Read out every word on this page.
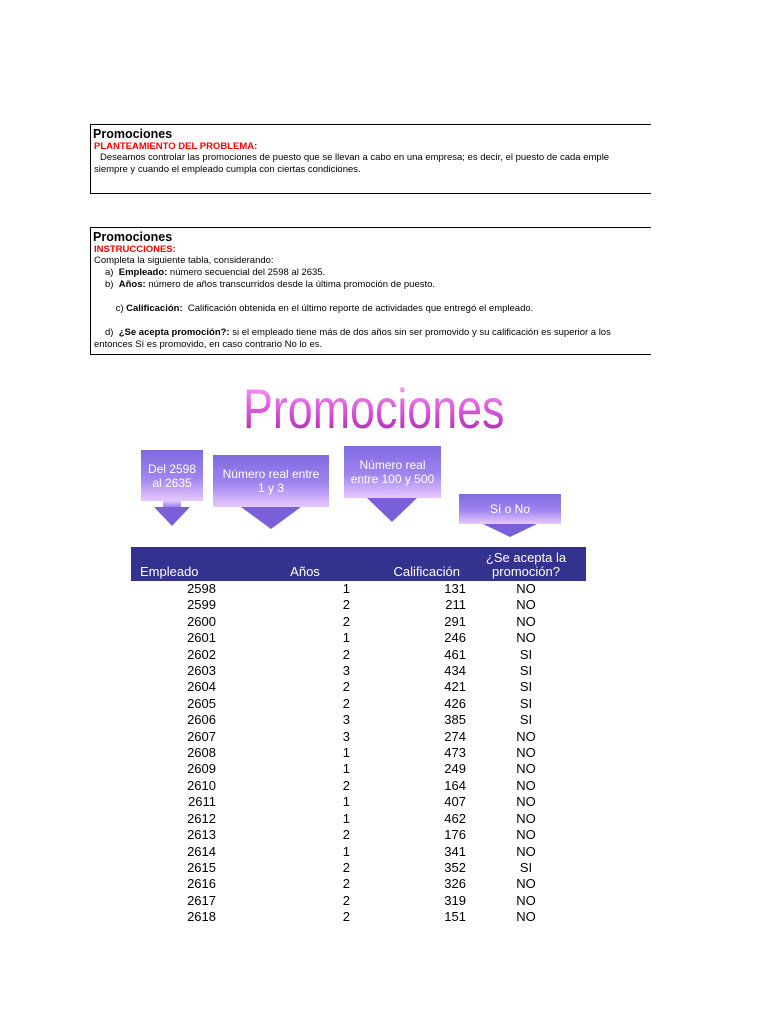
Promociones
PLANTEAMIENTO DEL PROBLEMA:
Deseamos controlar las promociones de puesto que se llevan a cabo en una empresa; es decir, el puesto de cada emple
siempre y cuando el empleado cumpla con ciertas condiciones.
Promociones
INSTRUCCIONES:
Completa la siguiente tabla, considerando:
a) Empleado: número secuencial del 2598 al 2635.
b) Años: número de años transcurridos desde la última promoción de puesto.

c) Calificación:  Calificación obtenida en el último reporte de actividades que entregó el empleado.

d) ¿Se acepta promoción?: si el empleado tiene más de dos años sin ser promovido y su calificación es superior a los
entonces Sí es promovido, en caso contrario No lo es.
Promociones
Del 2598 al 2635
Número real entre 1 y 3
Número real entre 100 y 500
Sí o No
Empleado	Años	Calificación	¿Se acepta la promoción?
2598	1	131	NO
2599	2	211	NO
2600	2	291	NO
2601	1	246	NO
2602	2	461	SI
2603	3	434	SI
2604	2	421	SI
2605	2	426	SI
2606	3	385	SI
2607	3	274	NO
2608	1	473	NO
2609	1	249	NO
2610	2	164	NO
2611	1	407	NO
2612	1	462	NO
2613	2	176	NO
2614	1	341	NO
2615	2	352	SI
2616	2	326	NO
2617	2	319	NO
2618	2	151	NO
